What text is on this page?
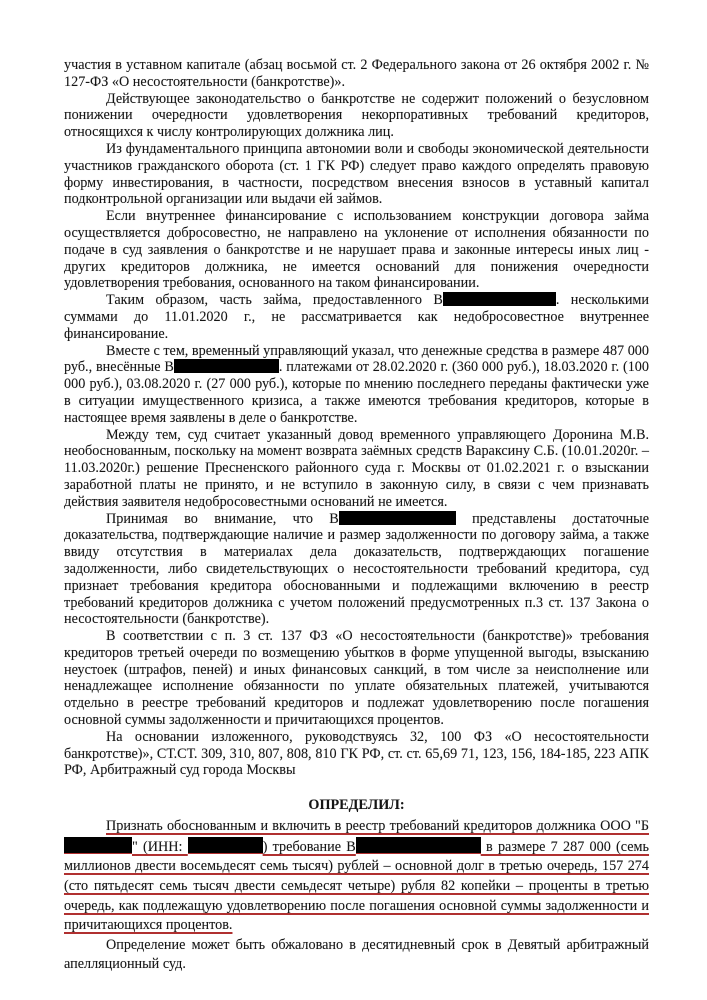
участия в уставном капитале (абзац восьмой ст. 2 Федерального закона от 26 октября 2002 г. № 127-ФЗ «О несостоятельности (банкротстве)».

Действующее законодательство о банкротстве не содержит положений о безусловном понижении очередности удовлетворения некорпоративных требований кредиторов, относящихся к числу контролирующих должника лиц.

Из фундаментального принципа автономии воли и свободы экономической деятельности участников гражданского оборота (ст. 1 ГК РФ) следует право каждого определять правовую форму инвестирования, в частности, посредством внесения взносов в уставный капитал подконтрольной организации или выдачи ей займов.

Если внутреннее финансирование с использованием конструкции договора займа осуществляется добросовестно, не направлено на уклонение от исполнения обязанности по подаче в суд заявления о банкротстве и не нарушает права и законные интересы иных лиц - других кредиторов должника, не имеется оснований для понижения очередности удовлетворения требования, основанного на таком финансировании.

Таким образом, часть займа, предоставленного В	. несколькими суммами до 11.01.2020 г., не рассматривается как недобросовестное внутреннее финансирование.

Вместе с тем, временный управляющий указал, что денежные средства в размере 487 000 руб., внесённые В	. платежами от 28.02.2020 г. (360 000 руб.), 18.03.2020 г. (100 000 руб.), 03.08.2020 г. (27 000 руб.), которые по мнению последнего переданы фактически уже в ситуации имущественного кризиса, а также имеются требования кредиторов, которые в настоящее время заявлены в деле о банкротстве.

Между тем, суд считает указанный довод временного управляющего Доронина М.В. необоснованным, поскольку на момент возврата заёмных средств Вараксину С.Б. (10.01.2020г. – 11.03.2020г.) решение Пресненского районного суда г. Москвы от 01.02.2021 г. о взыскании заработной платы не принято, и не вступило в законную силу, в связи с чем признавать действия заявителя недобросовестными оснований не имеется.

Принимая во внимание, что В	представлены достаточные доказательства, подтверждающие наличие и размер задолженности по договору займа, а также ввиду отсутствия в материалах дела доказательств, подтверждающих погашение задолженности, либо свидетельствующих о несостоятельности требований кредитора, суд признает требования кредитора обоснованными и подлежащими включению в реестр требований кредиторов должника с учетом положений предусмотренных п.3 ст. 137 Закона о несостоятельности (банкротстве).

В соответствии с п. 3 ст. 137 ФЗ «О несостоятельности (банкротстве)» требования кредиторов третьей очереди по возмещению убытков в форме упущенной выгоды, взысканию неустоек (штрафов, пеней) и иных финансовых санкций, в том числе за неисполнение или ненадлежащее исполнение обязанности по уплате обязательных платежей, учитываются отдельно в реестре требований кредиторов и подлежат удовлетворению после погашения основной суммы задолженности и причитающихся процентов.

На основании изложенного, руководствуясь 32, 100 ФЗ «О несостоятельности банкротстве)», СТ.СТ. 309, 310, 807, 808, 810 ГК РФ, ст. ст. 65,69 71, 123, 156, 184-185, 223 АПК РФ, Арбитражный суд города Москвы

ОПРЕДЕЛИЛ:

Признать обоснованным и включить в реестр требований кредиторов должника ООО "Б" (ИНН:	) требование В	в размере 7 287 000 (семь миллионов двести восемьдесят семь тысяч) рублей – основной долг в третью очередь, 157 274 (сто пятьдесят семь тысяч двести семьдесят четыре) рубля 82 копейки – проценты в третью очередь, как подлежащую удовлетворению после погашения основной суммы задолженности и причитающихся процентов.

Определение может быть обжаловано в десятидневный срок в Девятый арбитражный апелляционный суд.
